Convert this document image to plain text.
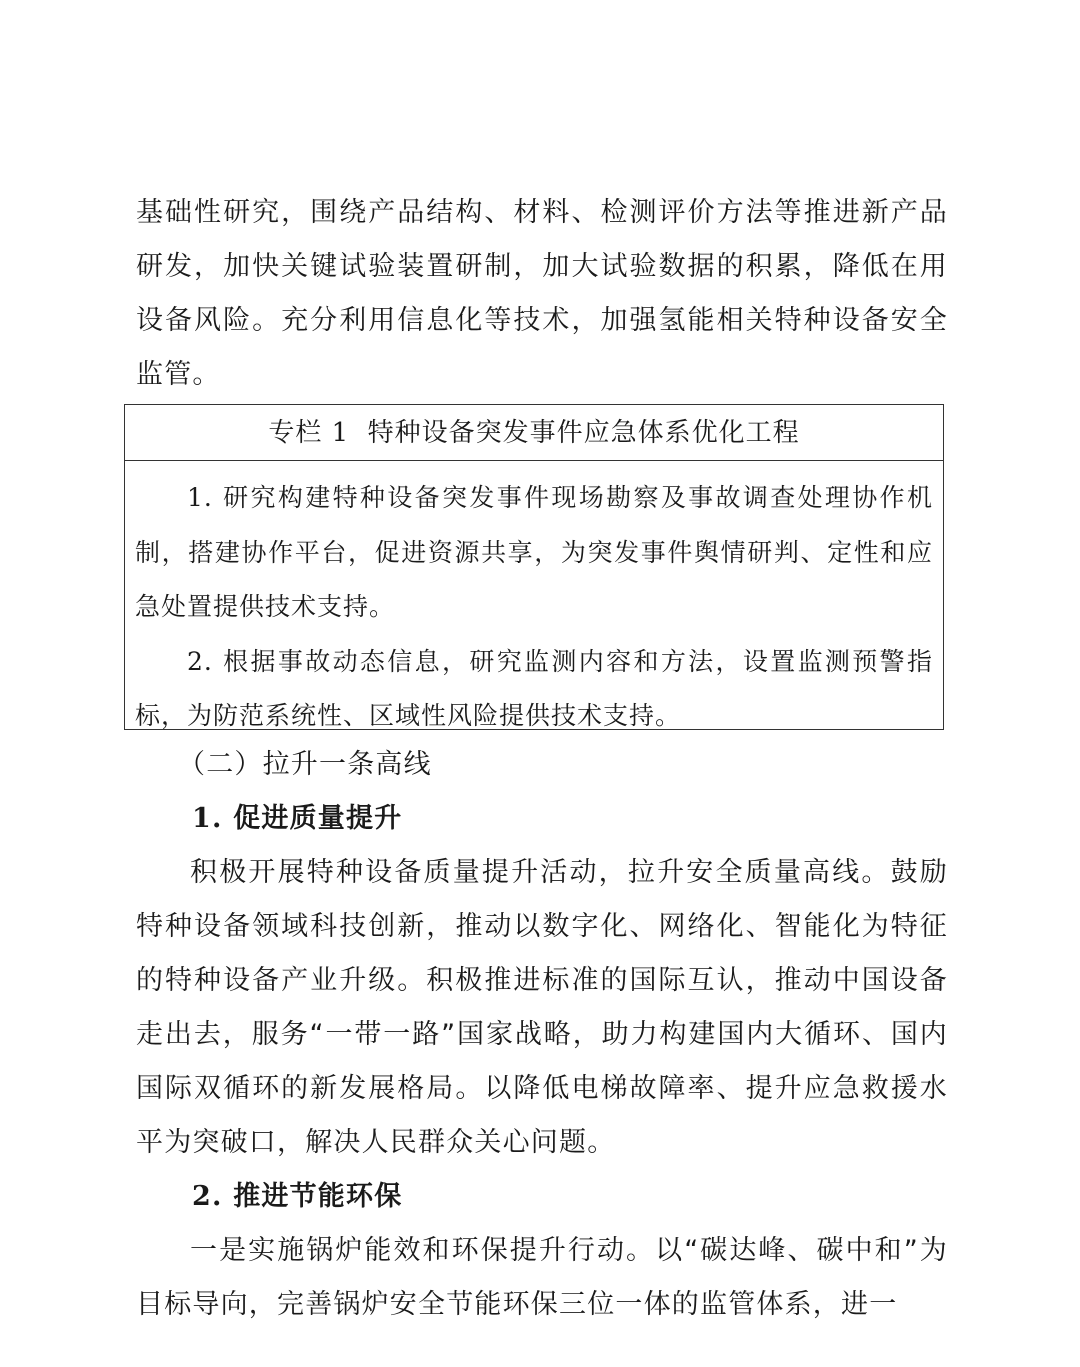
基础性研究，围绕产品结构、材料、检测评价方法等推进新产品研发，加快关键试验装置研制，加大试验数据的积累，降低在用设备风险。充分利用信息化等技术，加强氢能相关特种设备安全监管。

专栏 1 特种设备突发事件应急体系优化工程

1. 研究构建特种设备突发事件现场勘察及事故调查处理协作机制，搭建协作平台，促进资源共享，为突发事件舆情研判、定性和应急处置提供技术支持。

2. 根据事故动态信息，研究监测内容和方法，设置监测预警指标，为防范系统性、区域性风险提供技术支持。

（二）拉升一条高线

1. 促进质量提升

积极开展特种设备质量提升活动，拉升安全质量高线。鼓励特种设备领域科技创新，推动以数字化、网络化、智能化为特征的特种设备产业升级。积极推进标准的国际互认，推动中国设备走出去，服务“一带一路”国家战略，助力构建国内大循环、国内国际双循环的新发展格局。以降低电梯故障率、提升应急救援水平为突破口，解决人民群众关心问题。

2. 推进节能环保

一是实施锅炉能效和环保提升行动。以“碳达峰、碳中和”为目标导向，完善锅炉安全节能环保三位一体的监管体系，进一
